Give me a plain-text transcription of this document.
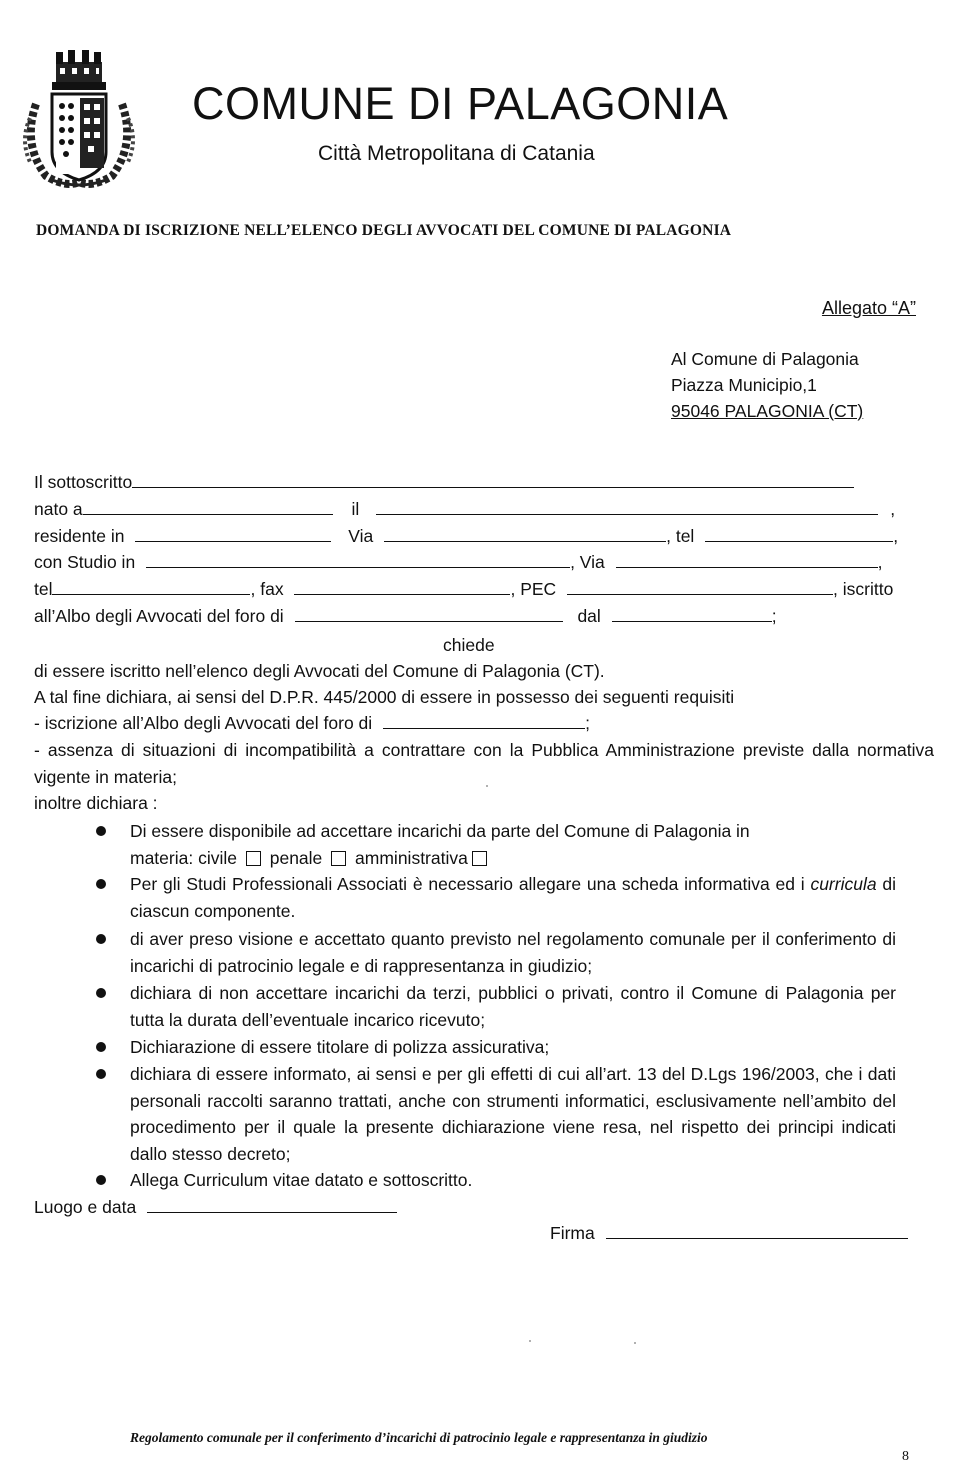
COMUNE DI PALAGONIA
Città Metropolitana di Catania
DOMANDA DI ISCRIZIONE NELL’ELENCO DEGLI AVVOCATI DEL COMUNE DI PALAGONIA
Allegato “A”
Al Comune di Palagonia
Piazza Municipio,1
95046 PALAGONIA (CT)
Il sottoscritto
nato a	il	,
residente in	Via	, tel	,
con Studio in	, Via	,
tel	, fax	, PEC	, iscritto
all’Albo degli Avvocati del foro di	dal	;
chiede
di essere iscritto nell’elenco degli Avvocati del Comune di Palagonia (CT).
A tal fine dichiara, ai sensi del D.P.R. 445/2000 di essere in possesso dei seguenti requisiti
- iscrizione all’Albo degli Avvocati del foro di	;
- assenza di situazioni di incompatibilità a contrattare con la Pubblica Amministrazione previste dalla normativa vigente in materia;
inoltre dichiara :
Di essere disponibile ad accettare incarichi da parte del Comune di Palagonia in
materia: civile penale amministrativa
Per gli Studi Professionali Associati è necessario allegare una scheda informativa ed i curricula di ciascun componente.
di aver preso visione e accettato quanto previsto nel regolamento comunale per il conferimento di incarichi di patrocinio legale e di rappresentanza in giudizio;
dichiara di non accettare incarichi da terzi, pubblici o privati, contro il Comune di Palagonia per tutta la durata dell’eventuale incarico ricevuto;
Dichiarazione di essere titolare di polizza assicurativa;
dichiara di essere informato, ai sensi e per gli effetti di cui all’art. 13 del D.Lgs 196/2003, che i dati personali raccolti saranno trattati, anche con strumenti informatici, esclusivamente nell’ambito del procedimento per il quale la presente dichiarazione viene resa, nel rispetto dei principi indicati dallo stesso decreto;
Allega Curriculum vitae datato e sottoscritto.
Luogo e data
Firma
Regolamento comunale per il conferimento d’incarichi di patrocinio legale e rappresentanza in giudizio
8
